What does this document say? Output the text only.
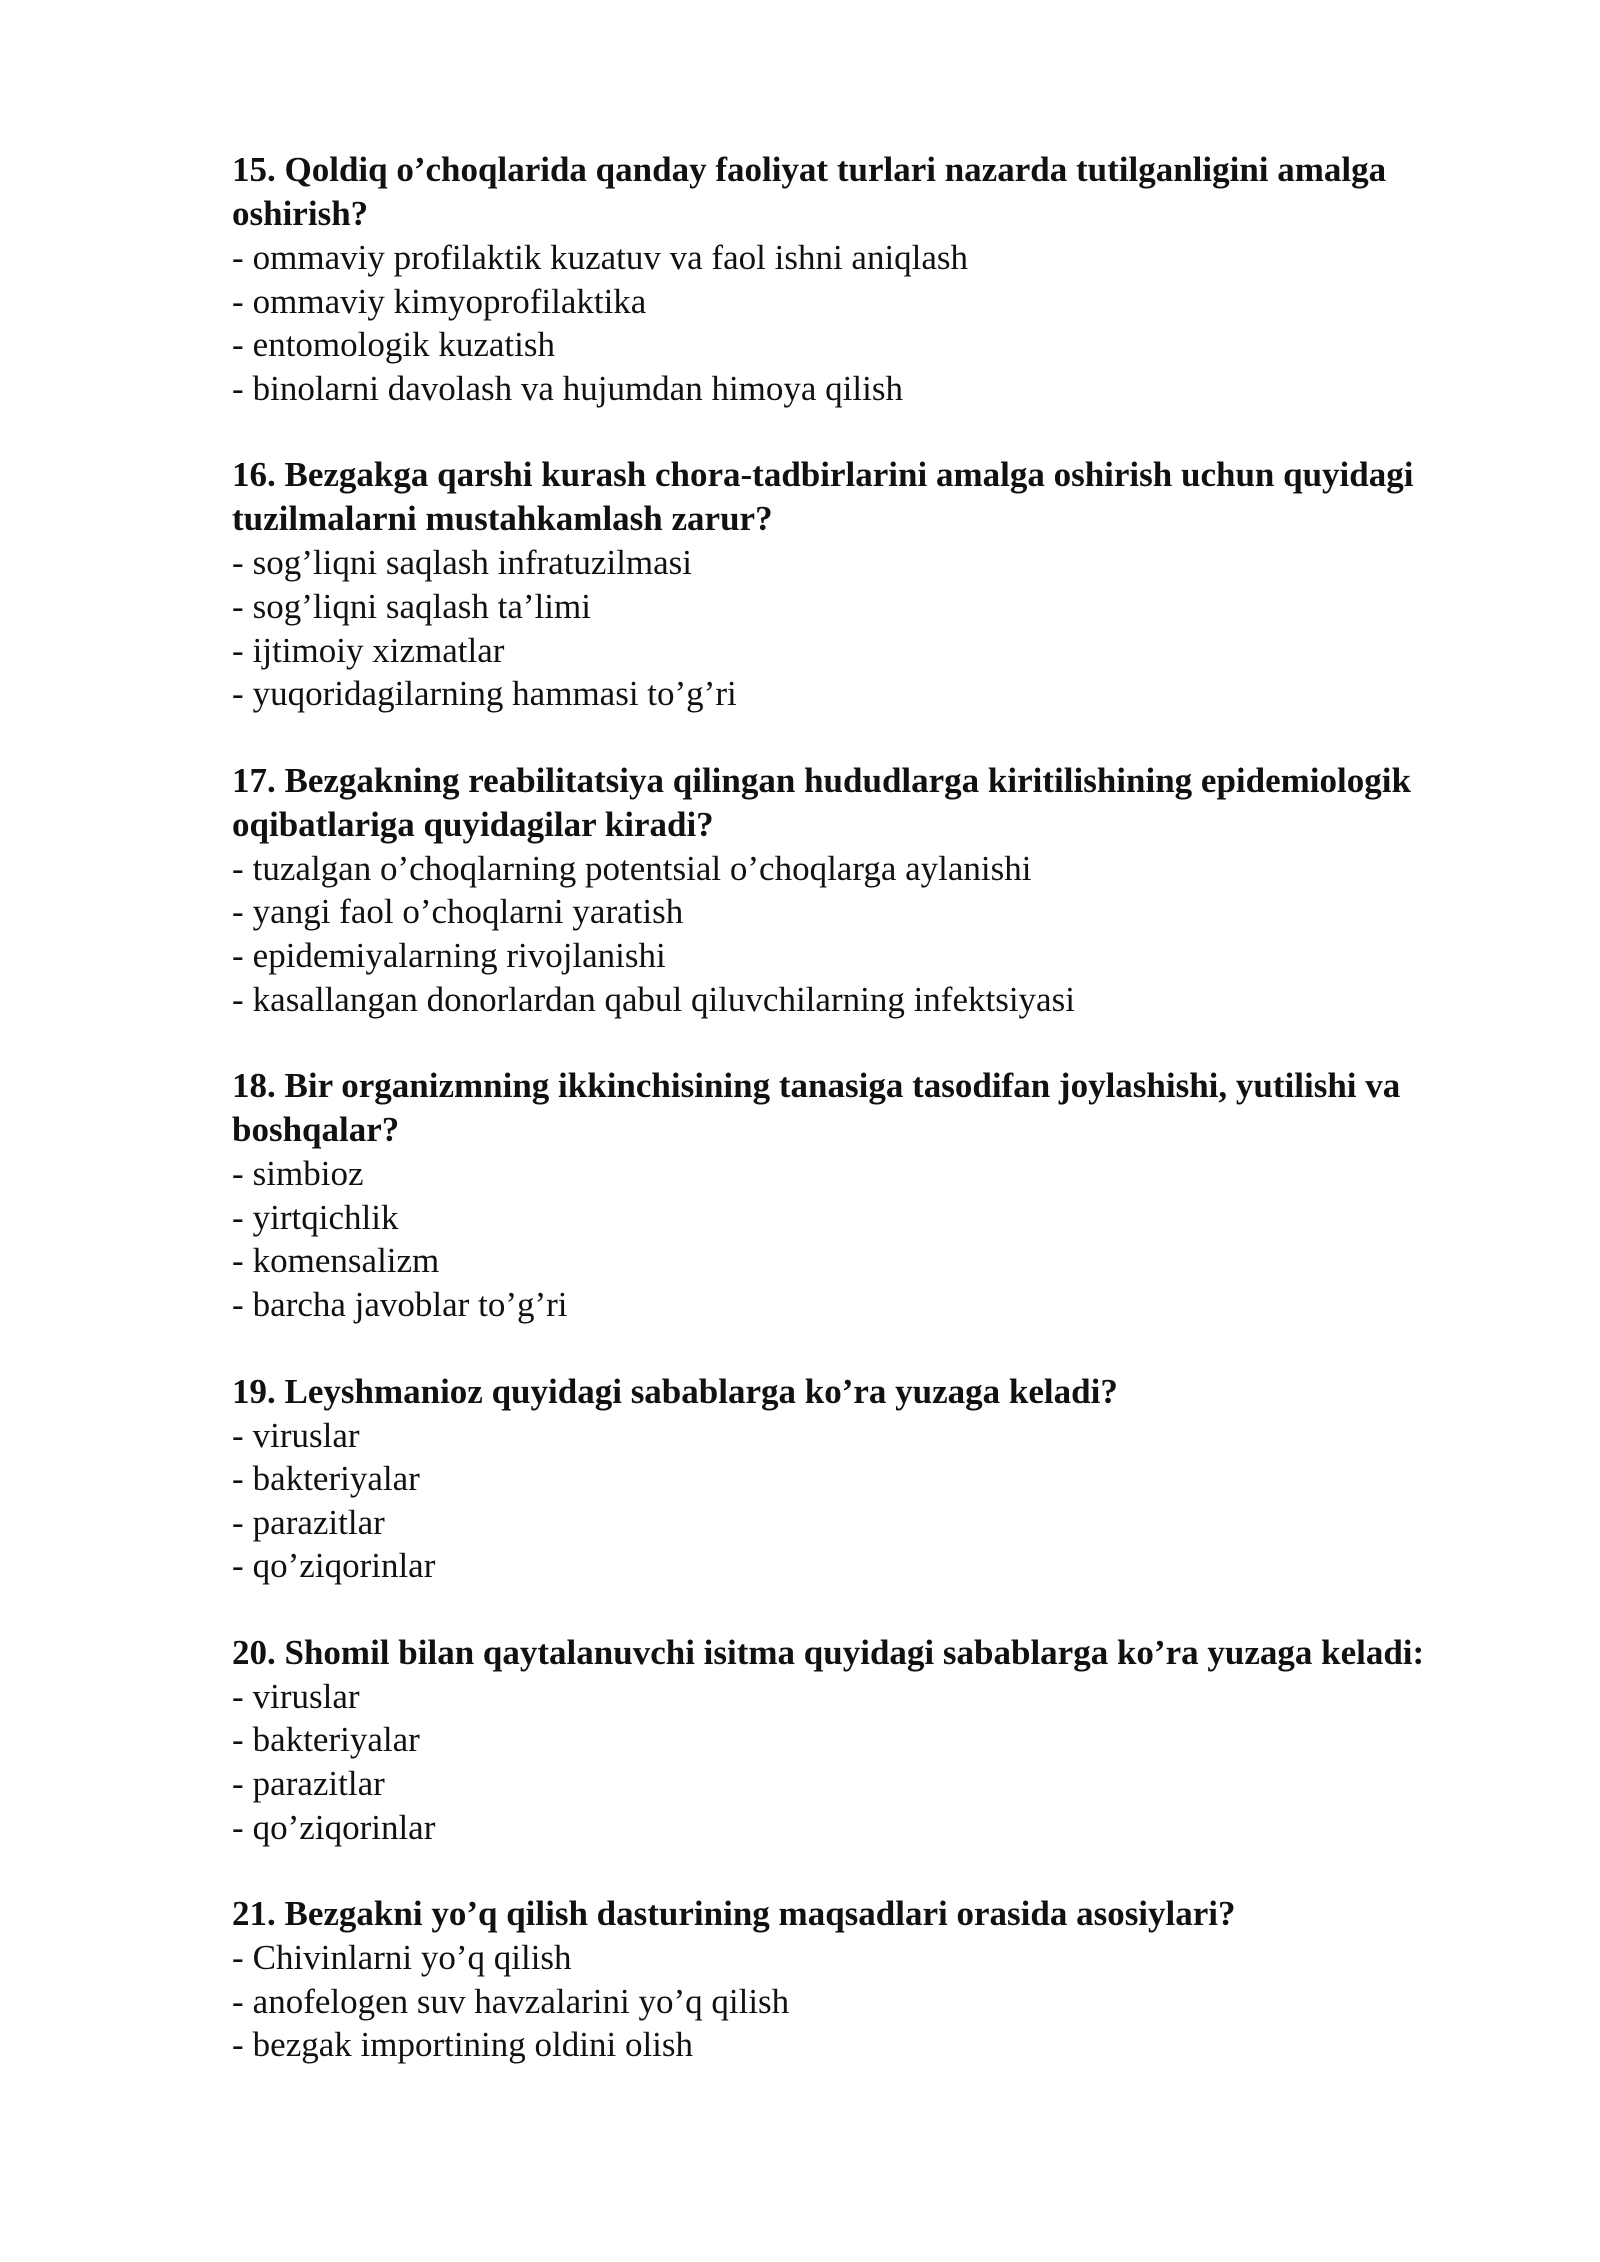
15. Qoldiq o’choqlarida qanday faoliyat turlari nazarda tutilganligini amalga oshirish?

- ommaviy profilaktik kuzatuv va faol ishni aniqlash
- ommaviy kimyoprofilaktika
- entomologik kuzatish
- binolarni davolash va hujumdan himoya qilish

16. Bezgakga qarshi kurash chora-tadbirlarini amalga oshirish uchun quyidagi tuzilmalarni mustahkamlash zarur?

- sog’liqni saqlash infratuzilmasi
- sog’liqni saqlash ta’limi
- ijtimoiy xizmatlar
- yuqoridagilarning hammasi to’g’ri

17. Bezgakning reabilitatsiya qilingan hududlarga kiritilishining epidemiologik oqibatlariga quyidagilar kiradi?

- tuzalgan o’choqlarning potentsial o’choqlarga aylanishi
- yangi faol o’choqlarni yaratish
- epidemiyalarning rivojlanishi
- kasallangan donorlardan qabul qiluvchilarning infektsiyasi

18. Bir organizmning ikkinchisining tanasiga tasodifan joylashishi, yutilishi va boshqalar?

- simbioz
- yirtqichlik
- komensalizm
- barcha javoblar to’g’ri

19. Leyshmanioz quyidagi sabablarga ko’ra yuzaga keladi?

- viruslar
- bakteriyalar
- parazitlar
- qo’ziqorinlar

20. Shomil bilan qaytalanuvchi isitma quyidagi sabablarga ko’ra yuzaga keladi:

- viruslar
- bakteriyalar
- parazitlar
- qo’ziqorinlar

21. Bezgakni yo’q qilish dasturining maqsadlari orasida asosiylari?

- Chivinlarni yo’q qilish
- anofelogen suv havzalarini yo’q qilish
- bezgak importining oldini olish
